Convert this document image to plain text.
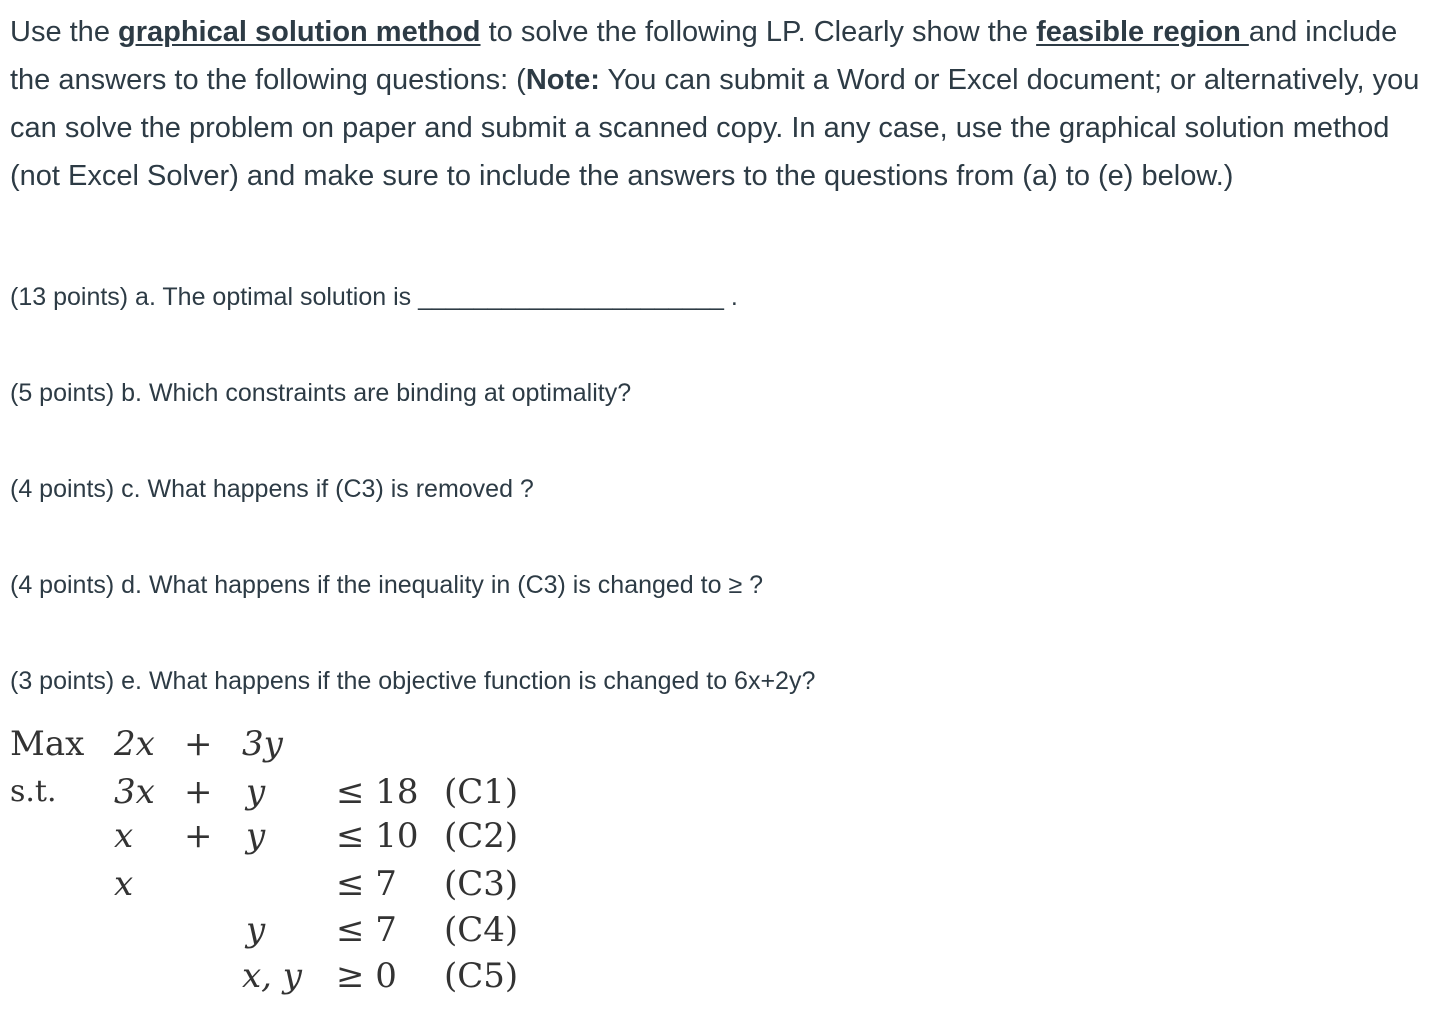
Use the graphical solution method to solve the following LP. Clearly show the feasible region and include the answers to the following questions: (Note: You can submit a Word or Excel document; or alternatively, you can solve the problem on paper and submit a scanned copy. In any case, use the graphical solution method (not Excel Solver) and make sure to include the answers to the questions from (a) to (e) below.)

(13 points) a. The optimal solution is ______________________ .

(5 points) b. Which constraints are binding at optimality?

(4 points) c. What happens if (C3) is removed ?

(4 points) d. What happens if the inequality in (C3) is changed to ≥ ?

(3 points) e. What happens if the objective function is changed to 6x+2y?

Max 2x + 3y
s.t. 3x + y ≤ 18 (C1)
x + y ≤ 10 (C2)
x	≤ 7 (C3)
y ≤ 7 (C4)
x, y ≥ 0 (C5)
